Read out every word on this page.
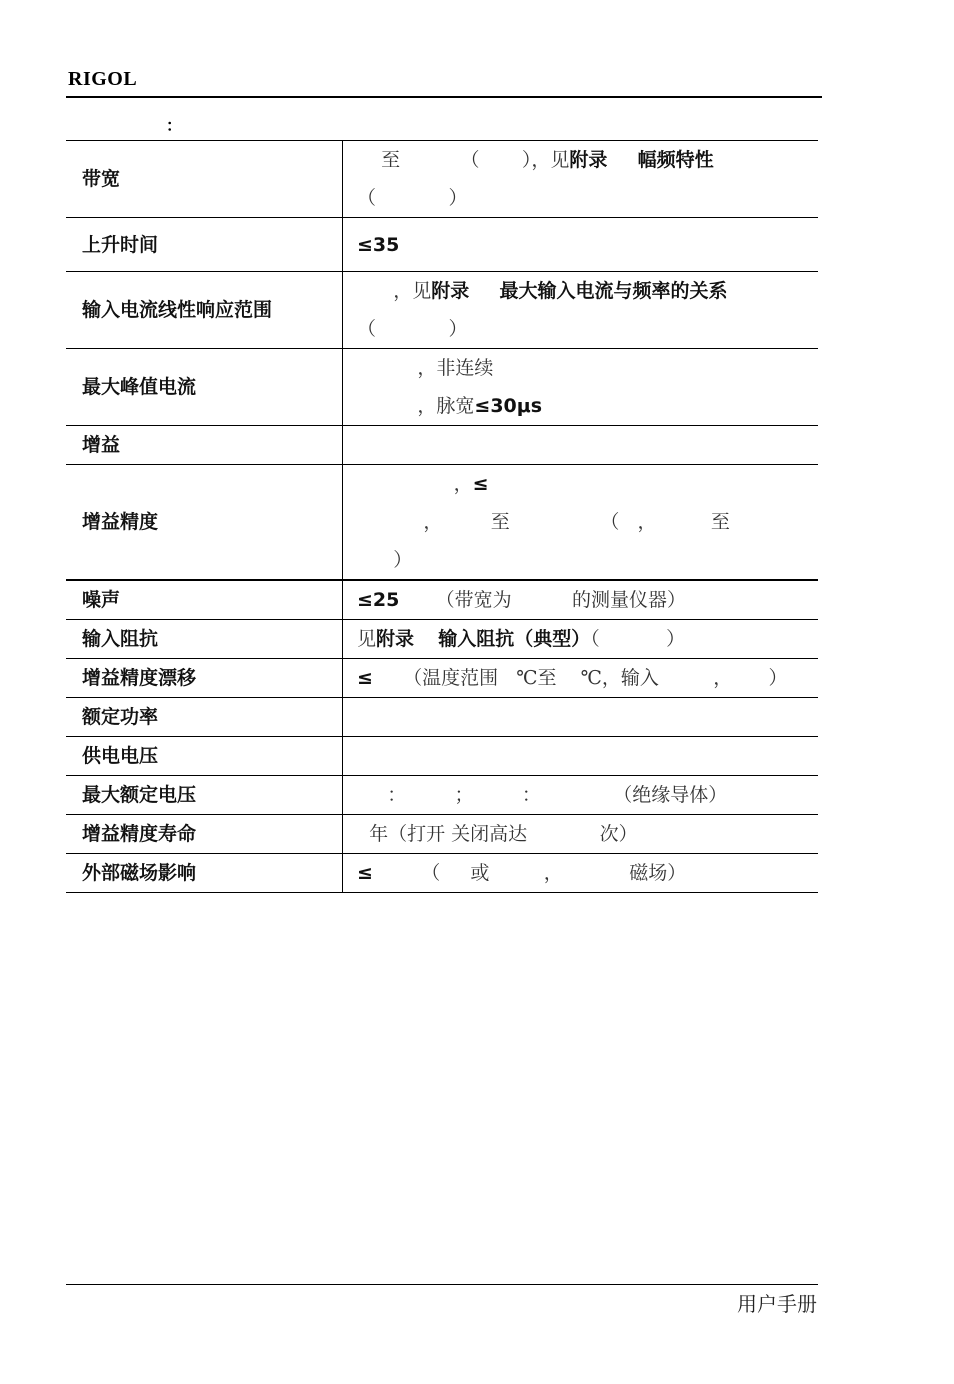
RIGOL
：
带宽	至          （       ），见附录 幅频特性
（            ）

上升时间	≤35

输入电流线性响应范围	，见附录 最大输入电流与频率的关系
（            ）

最大峰值电流	，非连续
，脉宽≤30μs

增益	

增益精度	，≤
，        至               （   ，         至
）

噪声	≤25      （带宽为          的测量仪器）

输入阻抗	见附录 输入阻抗（典型）（           ）

增益精度漂移	≤     （温度范围   ℃至    ℃，输入         ，      ）

额定功率	

供电电压	

最大额定电压	：        ；        ：            （绝缘导体）

增益精度寿命	年（打开 关闭高达            次）

外部磁场影响	≤        （     或         ，           磁场）
用户手册
